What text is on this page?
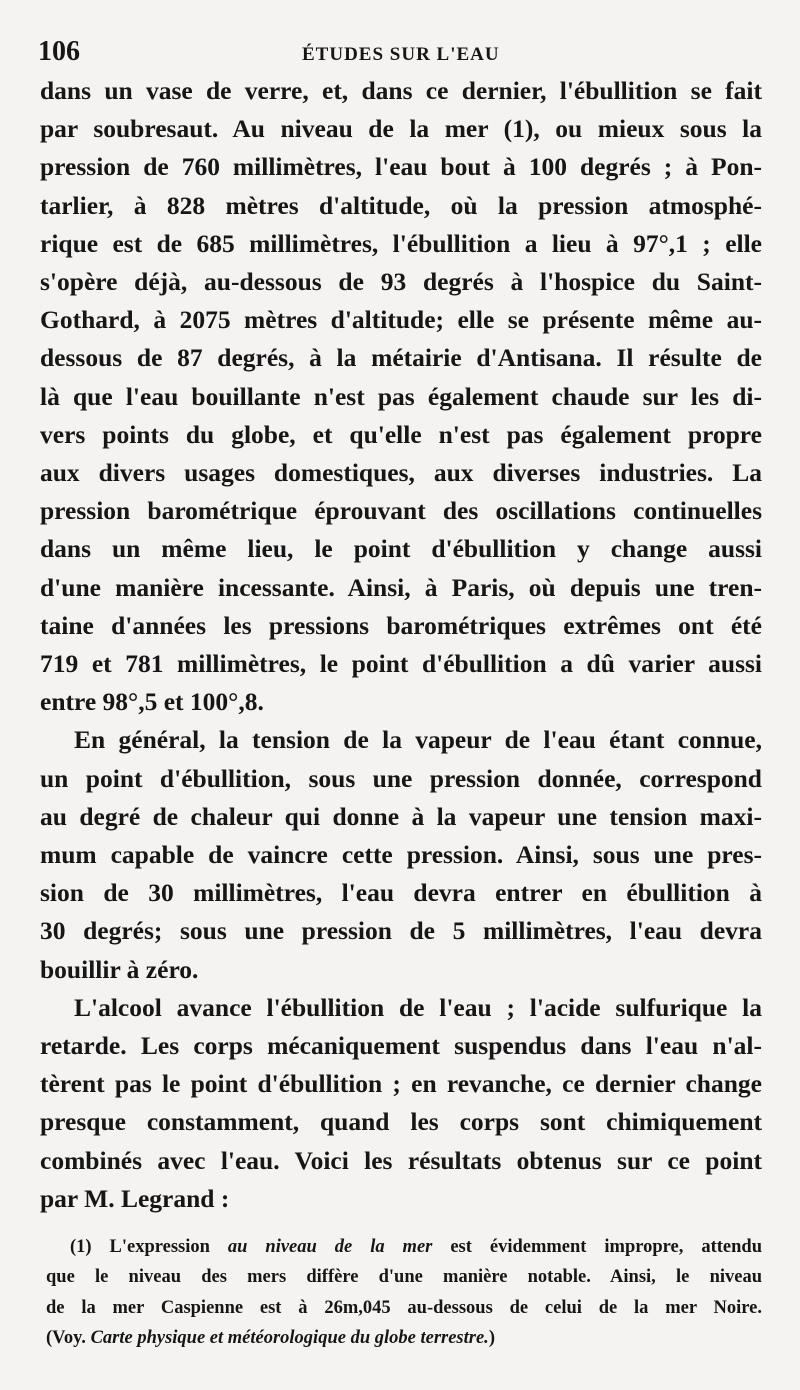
106	ÉTUDES SUR L'EAU
dans un vase de verre, et, dans ce dernier, l'ébullition se fait
par soubresaut. Au niveau de la mer (1), ou mieux sous la
pression de 760 millimètres, l'eau bout à 100 degrés ; à Pon-
tarlier, à 828 mètres d'altitude, où la pression atmosphé-
rique est de 685 millimètres, l'ébullition a lieu à 97°,1 ; elle
s'opère déjà, au-dessous de 93 degrés à l'hospice du Saint-
Gothard, à 2075 mètres d'altitude; elle se présente même au-
dessous de 87 degrés, à la métairie d'Antisana. Il résulte de
là que l'eau bouillante n'est pas également chaude sur les di-
vers points du globe, et qu'elle n'est pas également propre
aux divers usages domestiques, aux diverses industries. La
pression barométrique éprouvant des oscillations continuelles
dans un même lieu, le point d'ébullition y change aussi
d'une manière incessante. Ainsi, à Paris, où depuis une tren-
taine d'années les pressions barométriques extrêmes ont été
719 et 781 millimètres, le point d'ébullition a dû varier aussi
entre 98°,5 et 100°,8.
En général, la tension de la vapeur de l'eau étant connue,
un point d'ébullition, sous une pression donnée, correspond
au degré de chaleur qui donne à la vapeur une tension maxi-
mum capable de vaincre cette pression. Ainsi, sous une pres-
sion de 30 millimètres, l'eau devra entrer en ébullition à
30 degrés; sous une pression de 5 millimètres, l'eau devra
bouillir à zéro.
L'alcool avance l'ébullition de l'eau ; l'acide sulfurique la
retarde. Les corps mécaniquement suspendus dans l'eau n'al-
tèrent pas le point d'ébullition ; en revanche, ce dernier change
presque constamment, quand les corps sont chimiquement
combinés avec l'eau. Voici les résultats obtenus sur ce point
par M. Legrand :
(1) L'expression au niveau de la mer est évidemment impropre, attendu
que le niveau des mers diffère d'une manière notable. Ainsi, le niveau
de la mer Caspienne est à 26m,045 au-dessous de celui de la mer Noire.
(Voy. Carte physique et météorologique du globe terrestre.)
